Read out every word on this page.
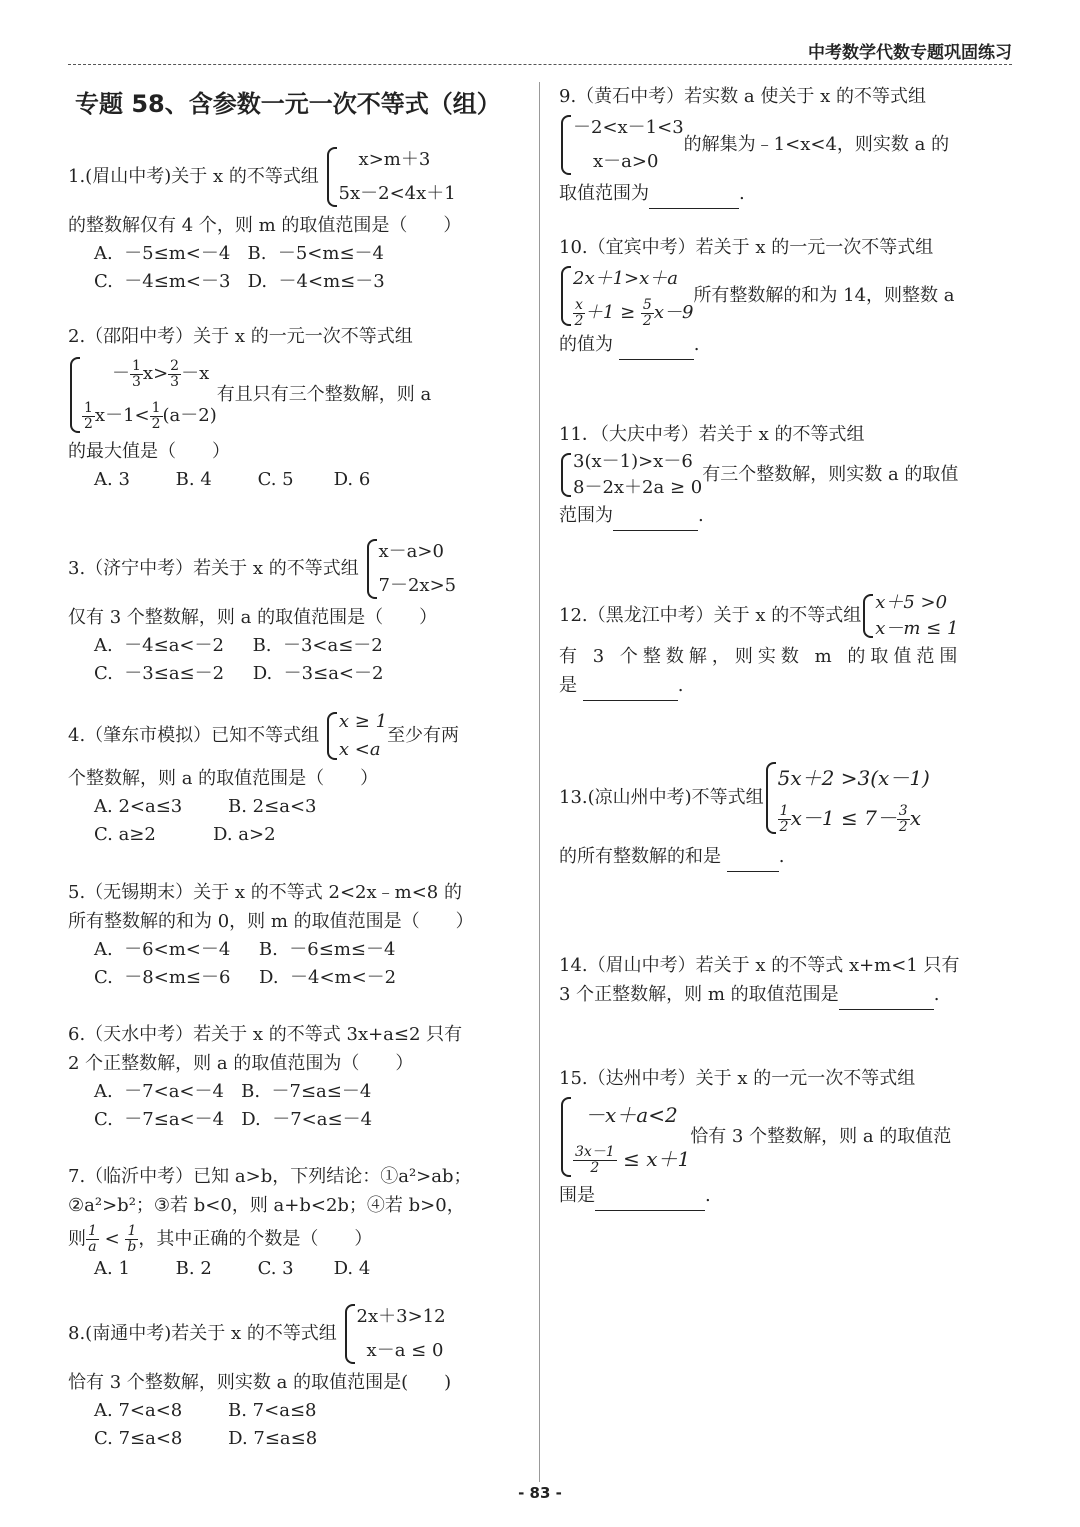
中考数学代数专题巩固练习
专题 58、含参数一元一次不等式（组）
1.(眉山中考)关于 x 的不等式组
x>m＋3
5x－2<4x＋1
的整数解仅有 4 个，则 m 的取值范围是（　　）
A.  －5≤m<－4   B.  －5<m≤－4
C.  －4≤m<－3   D.  －4<m≤－3
2.（邵阳中考）关于 x 的一元一次不等式组
－ $\frac{1}{3} x> \frac{2}{3} -x$
$\frac{1}{2} x-1< \frac{1}{2} (a-2)$
有且只有三个整数解，则 a
的最大值是（　　）
A. 3        B. 4        C. 5       D. 6
3.（济宁中考）若关于 x 的不等式组
x－a>0
7－2x>5
仅有 3 个整数解，则 a 的取值范围是（　　）
A.  －4≤a<－2     B.  －3<a≤－2
C.  －3≤a≤－2     D.  －3≤a<－2
4.（肇东市模拟）已知不等式组
x ≥ 1
x <a
至少有两
个整数解，则 a 的取值范围是（　　）
A. 2<a≤3        B. 2≤a<3
C. a≥2          D. a>2
5.（无锡期末）关于 x 的不等式 2<2x﹣m<8 的
所有整数解的和为 0，则 m 的取值范围是（　　）
A.  －6<m<－4     B.  －6≤m≤－4
C.  －8<m≤－6     D.  －4<m<－2
6.（天水中考）若关于 x 的不等式 3x+a≤2 只有
2 个正整数解，则 a 的取值范围为（　　）
A.  －7<a<－4   B.  －7≤a≤－4
C.  －7≤a<－4   D.  －7<a≤－4
7.（临沂中考）已知 a>b，下列结论：①a²>ab；
②a²>b²；③若 b<0，则 a+b<2b；④若 b>0，
则 $\frac{1}{a} < \frac{1}{b}$ ，其中正确的个数是（　　）
A. 1        B. 2        C. 3       D. 4
8.(南通中考)若关于 x 的不等式组
2x＋3>12
x－a ≤ 0
恰有 3 个整数解，则实数 a 的取值范围是(　　)
A. 7<a<8        B. 7<a≤8
C. 7≤a<8        D. 7≤a≤8
9.（黄石中考）若实数 a 使关于 x 的不等式组
－2<x－1<3
x－a>0
的解集为﹣1<x<4，则实数 a 的
取值范围为	.
10.（宜宾中考）若关于 x 的一元一次不等式组
2x＋1>x＋a
$\frac{x}{2} +1 \ge \frac{5}{2} x-9$
所有整数解的和为 14，则整数 a
的值为	.
11．（大庆中考）若关于 x 的不等式组
3(x－1)>x－6
8－2x＋2a ≥ 0
有三个整数解，则实数 a 的取值
范围为	.
12.（黑龙江中考）关于 x 的不等式组
x＋5 >0
x－m ≤ 1
有 3 个整数解，则实数 m 的取值范围
是	.
13.(凉山州中考)不等式组
5x＋2 >3(x－1)
$\frac{1}{2} x-1 \le 7- \frac{3}{2}$ x
的所有整数解的和是	.
14.（眉山中考）若关于 x 的不等式 x+m<1 只有
3 个正整数解，则 m 的取值范围是	.
15.（达州中考）关于 x 的一元一次不等式组
－x＋a<2
$\frac{3x-1}{2} \le x+1$
恰有 3 个整数解，则 a 的取值范
围是	.
- 83 -
